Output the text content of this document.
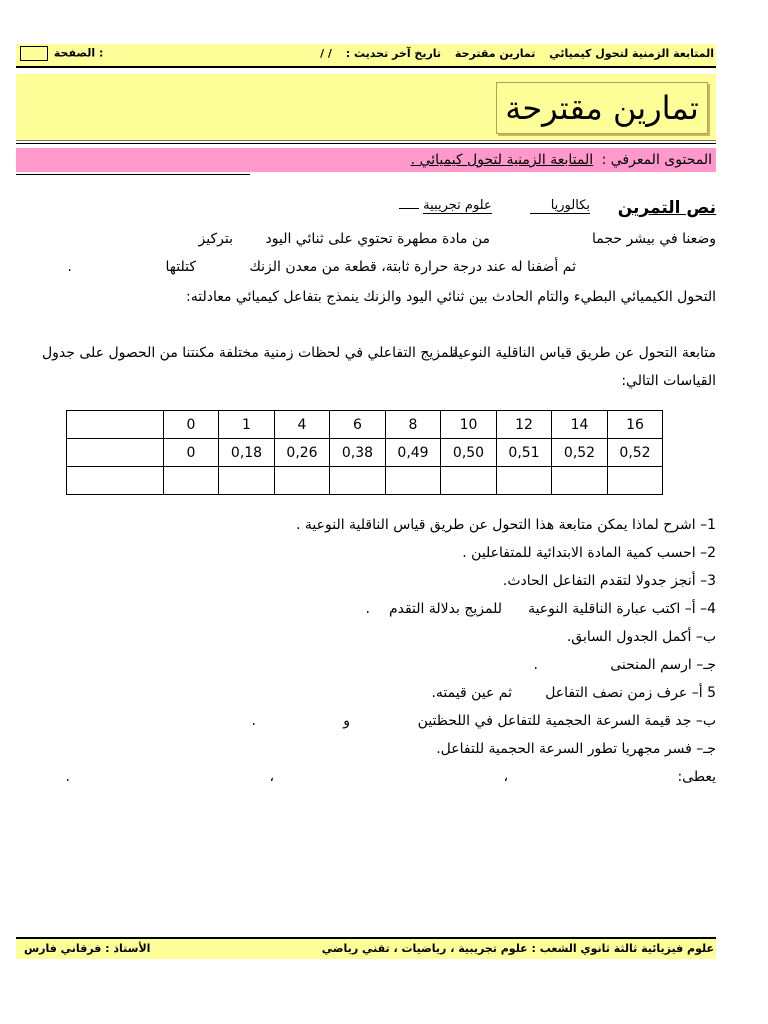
الصفحة :	المتابعة الزمنية لتحول كيميائي تمارين مقترحة تاريخ آخر تحديث : / /
تمارين مقترحة
المحتوى المعرفي : المتابعة الزمنية لتحول كيميائي .
نص التمرين
بكالوريا  علوم تجريبية
وضعنا في بيشر حجما
من مادة مطهرة تحتوي على ثنائي اليود
بتركيز
ثم أضفنا له عند درجة حرارة ثابتة، قطعة من معدن الزنك
كتلتها
.
التحول الكيميائي البطيء والتام الحادث بين ثنائي اليود والزنك ينمذج بتفاعل كيميائي معادلته:
متابعة التحول عن طريق قياس الناقلية النوعية
للمزيج التفاعلي في لحظات زمنية مختلفة مكنتنا من الحصول على جدول
القياسات التالي:
	0	1	4	6	8	10	12	14	16
	0	0,18	0,26	0,38	0,49	0,50	0,51	0,52	0,52

1– اشرح لماذا يمكن متابعة هذا التحول عن طريق قياس الناقلية النوعية .
2– احسب كمية المادة الابتدائية للمتفاعلين .
3– أنجز جدولا لتقدم التفاعل الحادث.
4– أ– اكتب عبارة الناقلية النوعية
للمزيج بدلالة التقدم
.
ب– أكمل الجدول السابق.
جـ– ارسم المنحنى
.
5 أ– عرف زمن نصف التفاعل
ثم عين قيمته.
ب– جد قيمة السرعة الحجمية للتفاعل في اللحظتين
و
.
جـ– فسر مجهريا تطور السرعة الحجمية للتفاعل.
يعطى:
،
،
.
علوم فيزيائية ثالثة ثانوي الشعب : علوم تجريبية ، رياضيات ، تقني رياضي
الأستاذ : فرقاني فارس
